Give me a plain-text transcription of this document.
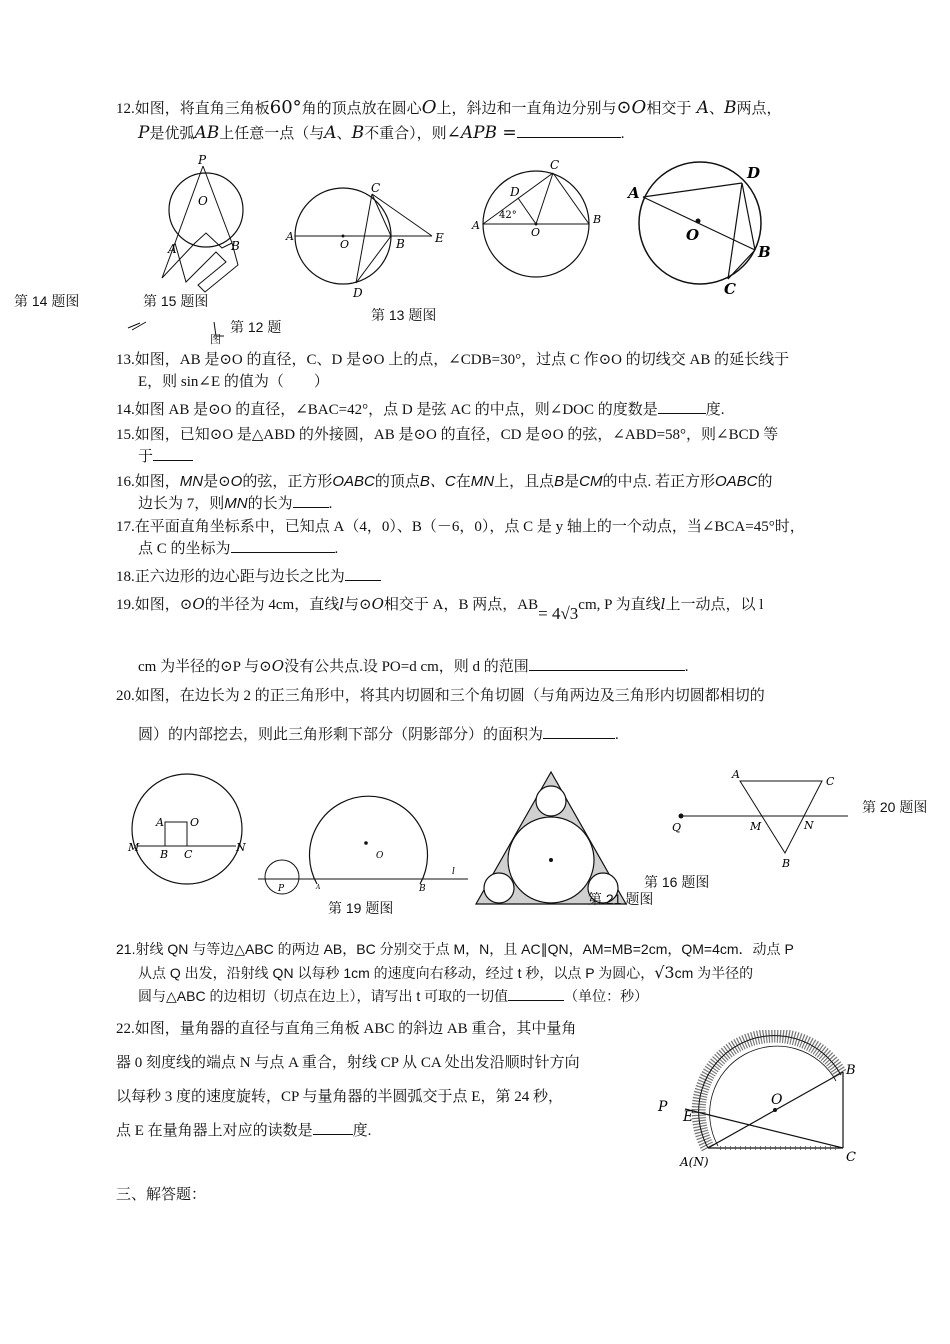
12.如图，将直角三角板60°角的顶点放在圆心O上，斜边和一直角边分别与⊙O相交于 A、B两点，
P是优弧AB上任意一点（与A、B不重合），则∠APB =	.
P
O
A	B
C
A
O	B	E
D
C
D
42°
A
O
B
D
A
O
B
C
第 14 题图	第 15 题图
第 12 题
图
第 13 题图
13.如图，AB 是⊙O 的直径，C、D 是⊙O 上的点，∠CDB=30°，过点 C 作⊙O 的切线交 AB 的延长线于
E，则 sin∠E 的值为（　　）
14.如图 AB 是⊙O 的直径，∠BAC=42°，点 D 是弦 AC 的中点，则∠DOC 的度数是	度.
15.如图，已知⊙O 是△ABD 的外接圆，AB 是⊙O 的直径，CD 是⊙O 的弦，∠ABD=58°，则∠BCD 等
于
16.如图，MN是⊙O的弦，正方形OABC的顶点B、C在MN上，且点B是CM的中点. 若正方形OABC的
边长为 7，则MN的长为 .
17.在平面直角坐标系中，已知点 A（4，0）、B（－6，0），点 C 是 y 轴上的一个动点，当∠BCA=45°时，
点 C 的坐标为	.
18.正六边形的边心距与边长之比为
19.如图，⊙O的半径为 4cm，直线l与⊙O相交于 A，B 两点，AB= 4√3cm, P 为直线l上一动点，以 l
cm 为半径的⊙P 与⊙O没有公共点.设 PO=d cm，则 d 的范围	.
20.如图，在边长为 2 的正三角形中，将其内切圆和三个角切圆（与角两边及三角形内切圆都相切的
圆）的内部挖去，则此三角形剩下部分（阴影部分）的面积为	.
A O
M
B C
N
O
P	A	B
l
A
C
Q	M	N
B
第 20 题图
第 16 题图
第 19 题图
第 21 题图
21.射线 QN 与等边△ABC 的两边 AB，BC 分别交于点 M，N，且 AC∥QN，AM=MB=2cm，QM=4cm．动点 P
从点 Q 出发，沿射线 QN 以每秒 1cm 的速度向右移动，经过 t 秒，以点 P 为圆心，√3cm 为半径的
圆与△ABC 的边相切（切点在边上），请写出 t 可取的一切值	（单位：秒）
22.如图，量角器的直径与直角三角板 ABC 的斜边 AB 重合，其中量角
器 0 刻度线的端点 N 与点 A 重合，射线 CP 从 CA 处出发沿顺时针方向
以每秒 3 度的速度旋转，CP 与量角器的半圆弧交于点 E，第 24 秒，
点 E 在量角器上对应的读数是	度.
B
O
P
E
A(N)	C
三、解答题：
